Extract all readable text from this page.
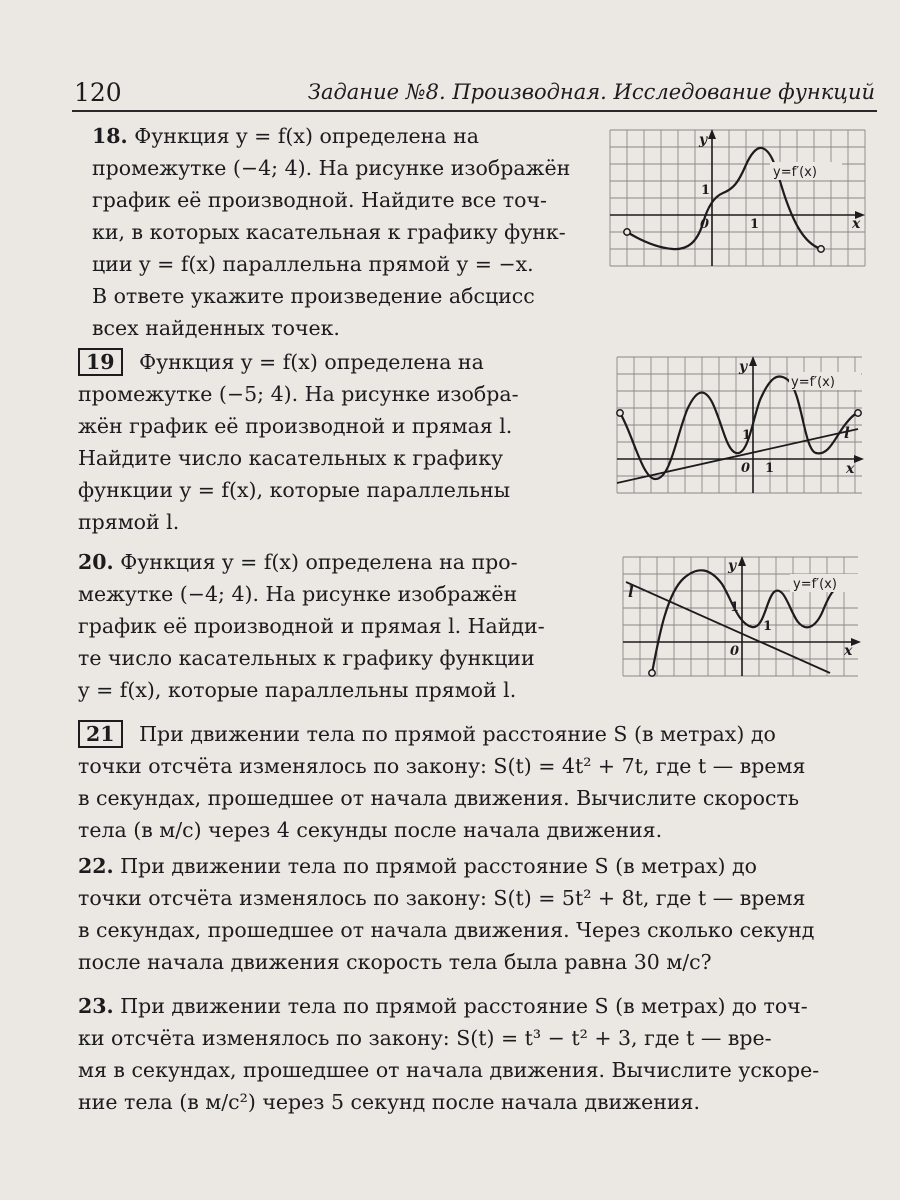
120	Задание №8. Производная. Исследование функций
18. Функция y = f(x) определена на
промежутке (−4; 4). На рисунке изображён
график её производной. Найдите все точ-
ки, в которых касательная к графику функ-
ции y = f(x) параллельна прямой y = −x.
В ответе укажите произведение абсцисс
всех найденных точек.
y=f′(x)
y
x
1
1
0
19 Функция y = f(x) определена на
промежутке (−5; 4). На рисунке изобра-
жён график её производной и прямая l.
Найдите число касательных к графику
функции y = f(x), которые параллельны
прямой l.
y=f′(x)
l
y
x
1
1
0
20. Функция y = f(x) определена на про-
межутке (−4; 4). На рисунке изображён
график её производной и прямая l. Найди-
те число касательных к графику функции
y = f(x), которые параллельны прямой l.
y=f′(x)
l
y
x
1
1
0
21 При движении тела по прямой расстояние S (в метрах) до
точки отсчёта изменялось по закону: S(t) = 4t² + 7t, где t — время
в секундах, прошедшее от начала движения. Вычислите скорость
тела (в м/с) через 4 секунды после начала движения.
22. При движении тела по прямой расстояние S (в метрах) до
точки отсчёта изменялось по закону: S(t) = 5t² + 8t, где t — время
в секундах, прошедшее от начала движения. Через сколько секунд
после начала движения скорость тела была равна 30 м/с?
23. При движении тела по прямой расстояние S (в метрах) до точ-
ки отсчёта изменялось по закону: S(t) = t³ − t² + 3, где t — вре-
мя в секундах, прошедшее от начала движения. Вычислите ускоре-
ние тела (в м/с²) через 5 секунд после начала движения.
